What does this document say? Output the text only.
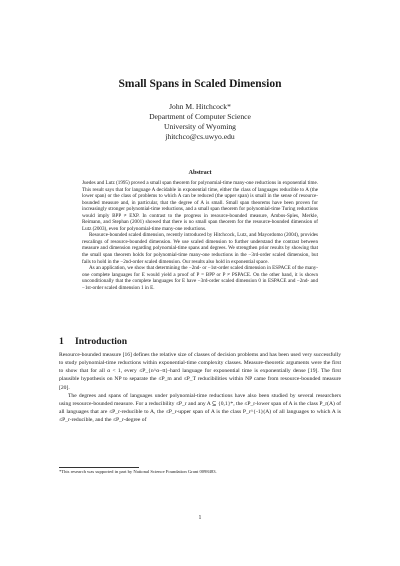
Small Spans in Scaled Dimension
John M. Hitchcock*
Department of Computer Science
University of Wyoming
jhitchco@cs.uwyo.edu
Abstract

Juedes and Lutz (1995) proved a small span theorem for polynomial-time many-one reductions in exponential time. This result says that for language A decidable in exponential time, either the class of languages reducible to A (the lower span) or the class of problems to which A can be reduced (the upper span) is small in the sense of resource-bounded measure and, in particular, that the degree of A is small. Small span theorems have been proven for increasingly stronger polynomial-time reductions, and a small span theorem for polynomial-time Turing reductions would imply BPP ≠ EXP. In contrast to the progress in resource-bounded measure, Ambos-Spies, Merkle, Reimann, and Stephan (2001) showed that there is no small span theorem for the resource-bounded dimension of Lutz (2003), even for polynomial-time many-one reductions.

Resource-bounded scaled dimension, recently introduced by Hitchcock, Lutz, and Mayordomo (2004), provides rescalings of resource-bounded dimension. We use scaled dimension to further understand the contrast between measure and dimension regarding polynomial-time spans and degrees. We strengthen prior results by showing that the small span theorem holds for polynomial-time many-one reductions in the −3rd-order scaled dimension, but fails to hold in the −2nd-order scaled dimension. Our results also hold in exponential space.

As an application, we show that determining the −2nd- or −1st-order scaled dimension in ESPACE of the many-one complete languages for E would yield a proof of P = BPP or P ≠ PSPACE. On the other hand, it is shown unconditionally that the complete languages for E have −3rd-order scaled dimension 0 in ESPACE and −2nd- and −1st-order scaled dimension 1 in E.

1 Introduction

Resource-bounded measure [16] defines the relative size of classes of decision problems and has been used very successfully to study polynomial-time reductions within exponential-time complexity classes. Measure-theoretic arguments were the first to show that for all α < 1, every ≤P_{n^α−tt}-hard language for exponential time is exponentially dense [19]. The first plausible hypothesis on NP to separate the ≤P_m and ≤P_T reducibilities within NP came from resource-bounded measure [20].

The degrees and spans of languages under polynomial-time reductions have also been studied by several researchers using resource-bounded measure. For a reducibility ≤P_r and any A ⊆ {0,1}*, the ≤P_r-lower span of A is the class P_r(A) of all languages that are ≤P_r-reducible to A, the ≤P_r-upper span of A is the class P_r^{-1}(A) of all languages to which A is ≤P_r-reducible, and the ≤P_r-degree of

*This research was supported in part by National Science Foundation Grant 0098483.
1
